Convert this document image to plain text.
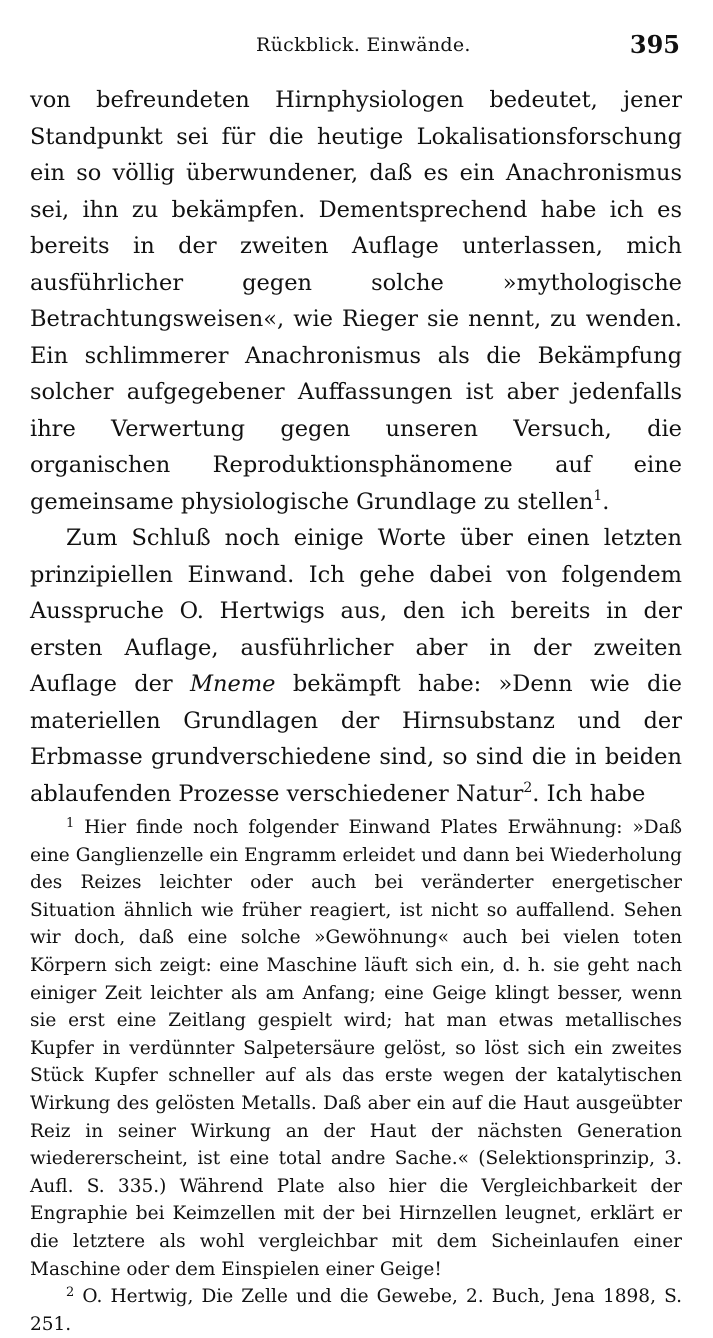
Rückblick. Einwände.	395

von befreundeten Hirnphysiologen bedeutet, jener Standpunkt sei für die heutige Lokalisationsforschung ein so völlig überwundener, daß es ein Anachronismus sei, ihn zu bekämpfen. Dementsprechend habe ich es bereits in der zweiten Auflage unterlassen, mich ausführlicher gegen solche »mythologische Betrachtungsweisen«, wie Rieger sie nennt, zu wenden. Ein schlimmerer Anachronismus als die Bekämpfung solcher aufgegebener Auffassungen ist aber jedenfalls ihre Verwertung gegen unseren Versuch, die organischen Reproduktionsphänomene auf eine gemeinsame physiologische Grundlage zu stellen$^1$.

Zum Schluß noch einige Worte über einen letzten prinzipiellen Einwand. Ich gehe dabei von folgendem Ausspruche O. Hertwigs aus, den ich bereits in der ersten Auflage, ausführlicher aber in der zweiten Auflage der Mneme bekämpft habe: »Denn wie die materiellen Grundlagen der Hirnsubstanz und der Erbmasse grundverschiedene sind, so sind die in beiden ablaufenden Prozesse verschiedener Natur$^2$. Ich habe

$^1$ Hier finde noch folgender Einwand Plates Erwähnung: »Daß eine Ganglienzelle ein Engramm erleidet und dann bei Wiederholung des Reizes leichter oder auch bei veränderter energetischer Situation ähnlich wie früher reagiert, ist nicht so auffallend. Sehen wir doch, daß eine solche »Gewöhnung« auch bei vielen toten Körpern sich zeigt: eine Maschine läuft sich ein, d. h. sie geht nach einiger Zeit leichter als am Anfang; eine Geige klingt besser, wenn sie erst eine Zeitlang gespielt wird; hat man etwas metallisches Kupfer in verdünnter Salpetersäure gelöst, so löst sich ein zweites Stück Kupfer schneller auf als das erste wegen der katalytischen Wirkung des gelösten Metalls. Daß aber ein auf die Haut ausgeübter Reiz in seiner Wirkung an der Haut der nächsten Generation wiedererscheint, ist eine total andre Sache.« (Selektionsprinzip, 3. Aufl. S. 335.) Während Plate also hier die Vergleichbarkeit der Engraphie bei Keimzellen mit der bei Hirnzellen leugnet, erklärt er die letztere als wohl vergleichbar mit dem Sicheinlaufen einer Maschine oder dem Einspielen einer Geige!

$^2$ O. Hertwig, Die Zelle und die Gewebe, 2. Buch, Jena 1898, S. 251.
